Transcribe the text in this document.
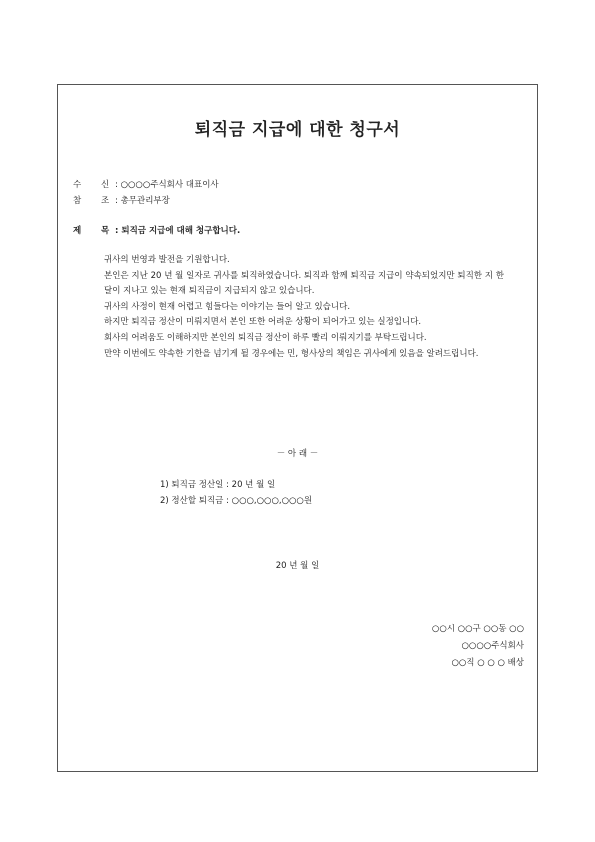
퇴직금 지급에 대한 청구서
수 신 : ○○○○주식회사 대표이사
참 조 : 총무관리부장
제 목 : 퇴직금 지급에 대해 청구합니다.

귀사의 번영과 발전을 기원합니다.

본인은 지난 20 년 월 일자로 귀사를 퇴직하였습니다. 퇴직과 함께 퇴직금 지급이 약속되었지만 퇴직한 지 한 달이 지나고 있는 현재 퇴직금이 지급되지 않고 있습니다.

귀사의 사정이 현재 어렵고 힘들다는 이야기는 들어 알고 있습니다.

하지만 퇴직금 정산이 미뤄지면서 본인 또한 어려운 상황이 되어가고 있는 실정입니다.

회사의 어려움도 이해하지만 본인의 퇴직금 정산이 하루 빨리 이뤄지기를 부탁드립니다.

만약 이번에도 약속한 기한을 넘기게 될 경우에는 민, 형사상의 책임은 귀사에게 있음을 알려드립니다.

－ 아 래 －
1) 퇴직금 정산일 : 20 년 월 일
2) 정산할 퇴직금 : ○○○,○○○,○○○원
20 년 월 일
○○시 ○○구 ○○동 ○○
○○○○주식회사
○○직 ○ ○ ○ 배상
